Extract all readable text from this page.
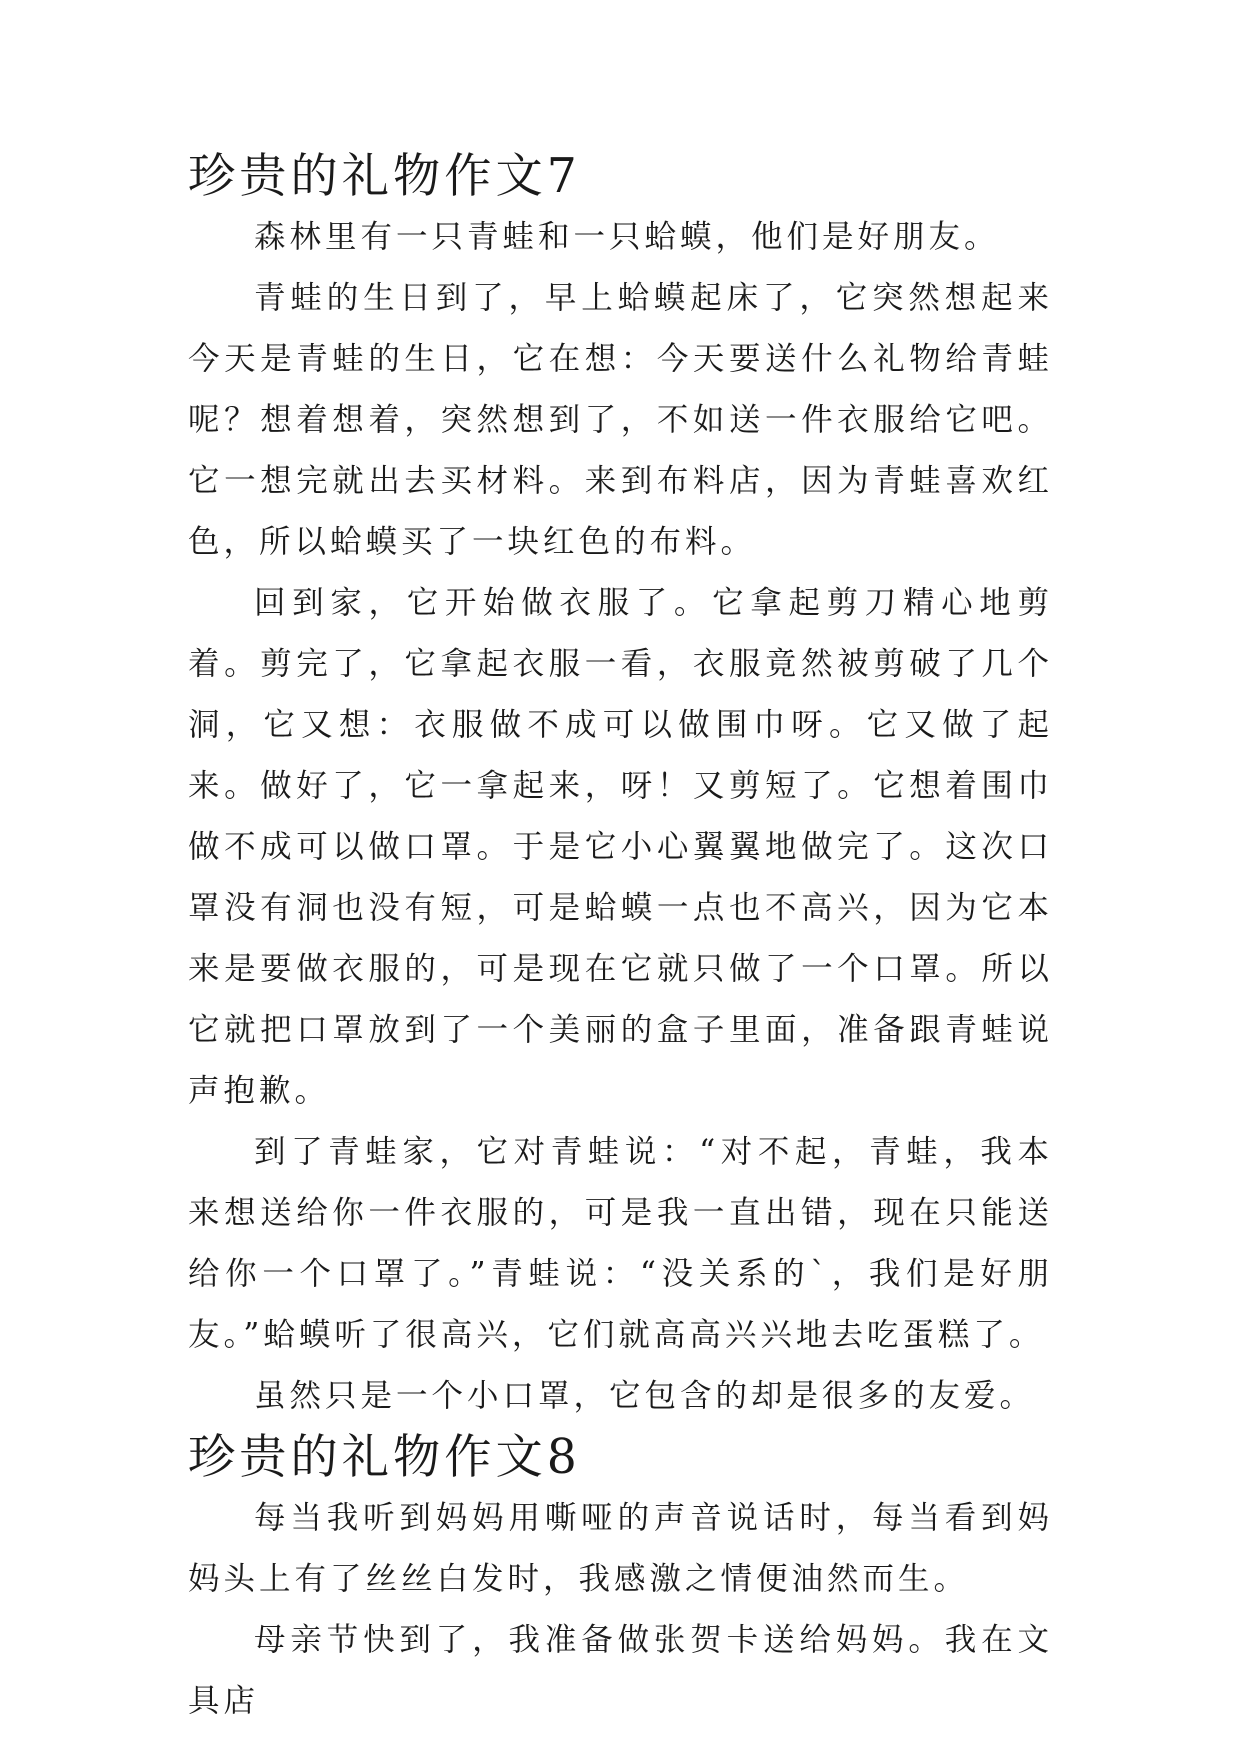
珍贵的礼物作文7

森林里有一只青蛙和一只蛤蟆，他们是好朋友。

青蛙的生日到了，早上蛤蟆起床了，它突然想起来今天是青蛙的生日，它在想：今天要送什么礼物给青蛙呢？想着想着，突然想到了，不如送一件衣服给它吧。它一想完就出去买材料。来到布料店，因为青蛙喜欢红色，所以蛤蟆买了一块红色的布料。

回到家，它开始做衣服了。它拿起剪刀精心地剪着。剪完了，它拿起衣服一看，衣服竟然被剪破了几个洞，它又想：衣服做不成可以做围巾呀。它又做了起来。做好了，它一拿起来，呀！又剪短了。它想着围巾做不成可以做口罩。于是它小心翼翼地做完了。这次口罩没有洞也没有短，可是蛤蟆一点也不高兴，因为它本来是要做衣服的，可是现在它就只做了一个口罩。所以它就把口罩放到了一个美丽的盒子里面，准备跟青蛙说声抱歉。

到了青蛙家，它对青蛙说：“对不起，青蛙，我本来想送给你一件衣服的，可是我一直出错，现在只能送给你一个口罩了。”青蛙说：“没关系的`，我们是好朋友。”蛤蟆听了很高兴，它们就高高兴兴地去吃蛋糕了。

虽然只是一个小口罩，它包含的却是很多的友爱。

珍贵的礼物作文8

每当我听到妈妈用嘶哑的声音说话时，每当看到妈妈头上有了丝丝白发时，我感激之情便油然而生。

母亲节快到了，我准备做张贺卡送给妈妈。我在文具店
